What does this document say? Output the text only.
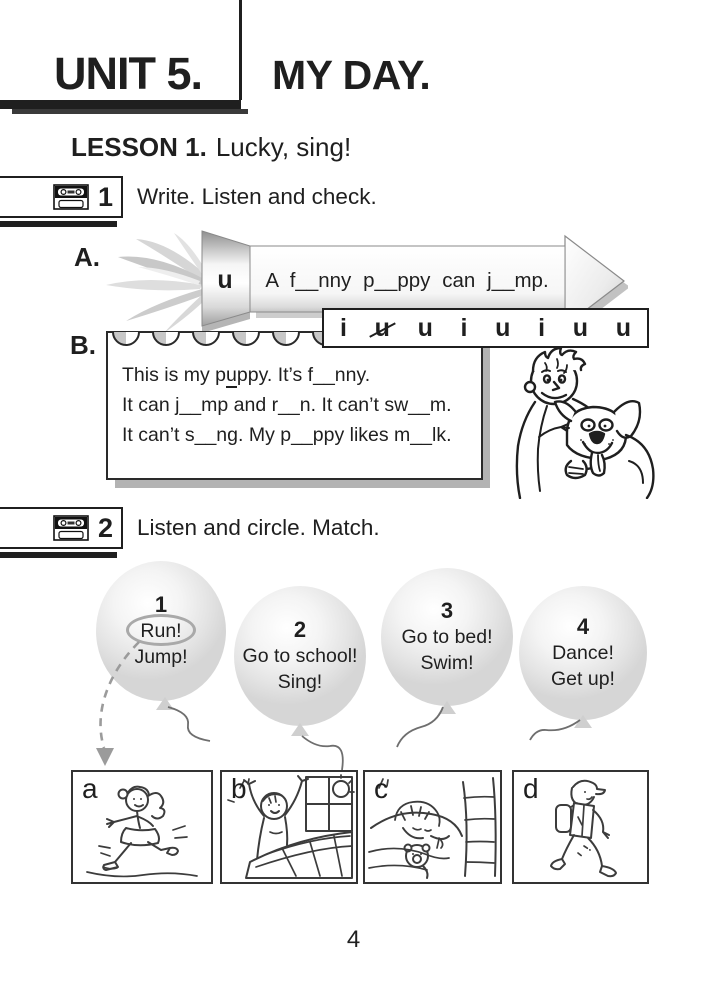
UNIT 5. MY DAY.
LESSON 1. Lucky, sing!
1 Write. Listen and check.
A.
u	A f__nny p__ppy can j__mp.
i u u i u i u u
B.
This is my puppy. It’s f__nny.
It can j__mp and r__n. It can’t sw__m.
It can’t s__ng. My p__ppy likes m__lk.
2 Listen and circle. Match.
1
Run!
Jump!
2
Go to school!
Sing!
3
Go to bed!
Swim!
4
Dance!
Get up!
a	b	c	d
4
